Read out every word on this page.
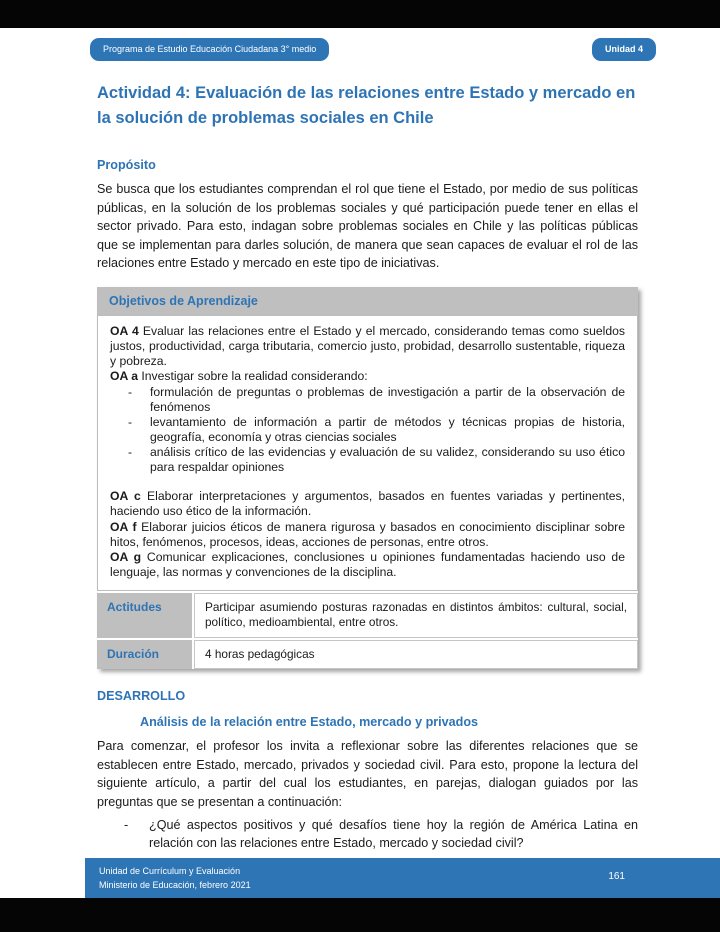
Programa de Estudio Educación Ciudadana 3° medio	Unidad 4
Actividad 4: Evaluación de las relaciones entre Estado y mercado en la solución de problemas sociales en Chile
Propósito

Se busca que los estudiantes comprendan el rol que tiene el Estado, por medio de sus políticas públicas, en la solución de los problemas sociales y qué participación puede tener en ellas el sector privado. Para esto, indagan sobre problemas sociales en Chile y las políticas públicas que se implementan para darles solución, de manera que sean capaces de evaluar el rol de las relaciones entre Estado y mercado en este tipo de iniciativas.

Objetivos de Aprendizaje

OA 4 Evaluar las relaciones entre el Estado y el mercado, considerando temas como sueldos justos, productividad, carga tributaria, comercio justo, probidad, desarrollo sustentable, riqueza y pobreza.

OA a Investigar sobre la realidad considerando:

-	formulación de preguntas o problemas de investigación a partir de la observación de fenómenos
-	levantamiento de información a partir de métodos y técnicas propias de historia, geografía, economía y otras ciencias sociales
-	análisis crítico de las evidencias y evaluación de su validez, considerando su uso ético para respaldar opiniones

OA c Elaborar interpretaciones y argumentos, basados en fuentes variadas y pertinentes, haciendo uso ético de la información.

OA f Elaborar juicios éticos de manera rigurosa y basados en conocimiento disciplinar sobre hitos, fenómenos, procesos, ideas, acciones de personas, entre otros.

OA g Comunicar explicaciones, conclusiones u opiniones fundamentadas haciendo uso de lenguaje, las normas y convenciones de la disciplina.

Actitudes	Participar asumiendo posturas razonadas en distintos ámbitos: cultural, social, político, medioambiental, entre otros.
Duración	4 horas pedagógicas
DESARROLLO
Análisis de la relación entre Estado, mercado y privados

Para comenzar, el profesor los invita a reflexionar sobre las diferentes relaciones que se establecen entre Estado, mercado, privados y sociedad civil. Para esto, propone la lectura del siguiente artículo, a partir del cual los estudiantes, en parejas, dialogan guiados por las preguntas que se presentan a continuación:

-	¿Qué aspectos positivos y qué desafíos tiene hoy la región de América Latina en relación con las relaciones entre Estado, mercado y sociedad civil?
Unidad de Currículum y Evaluación
Ministerio de Educación, febrero 2021
161
